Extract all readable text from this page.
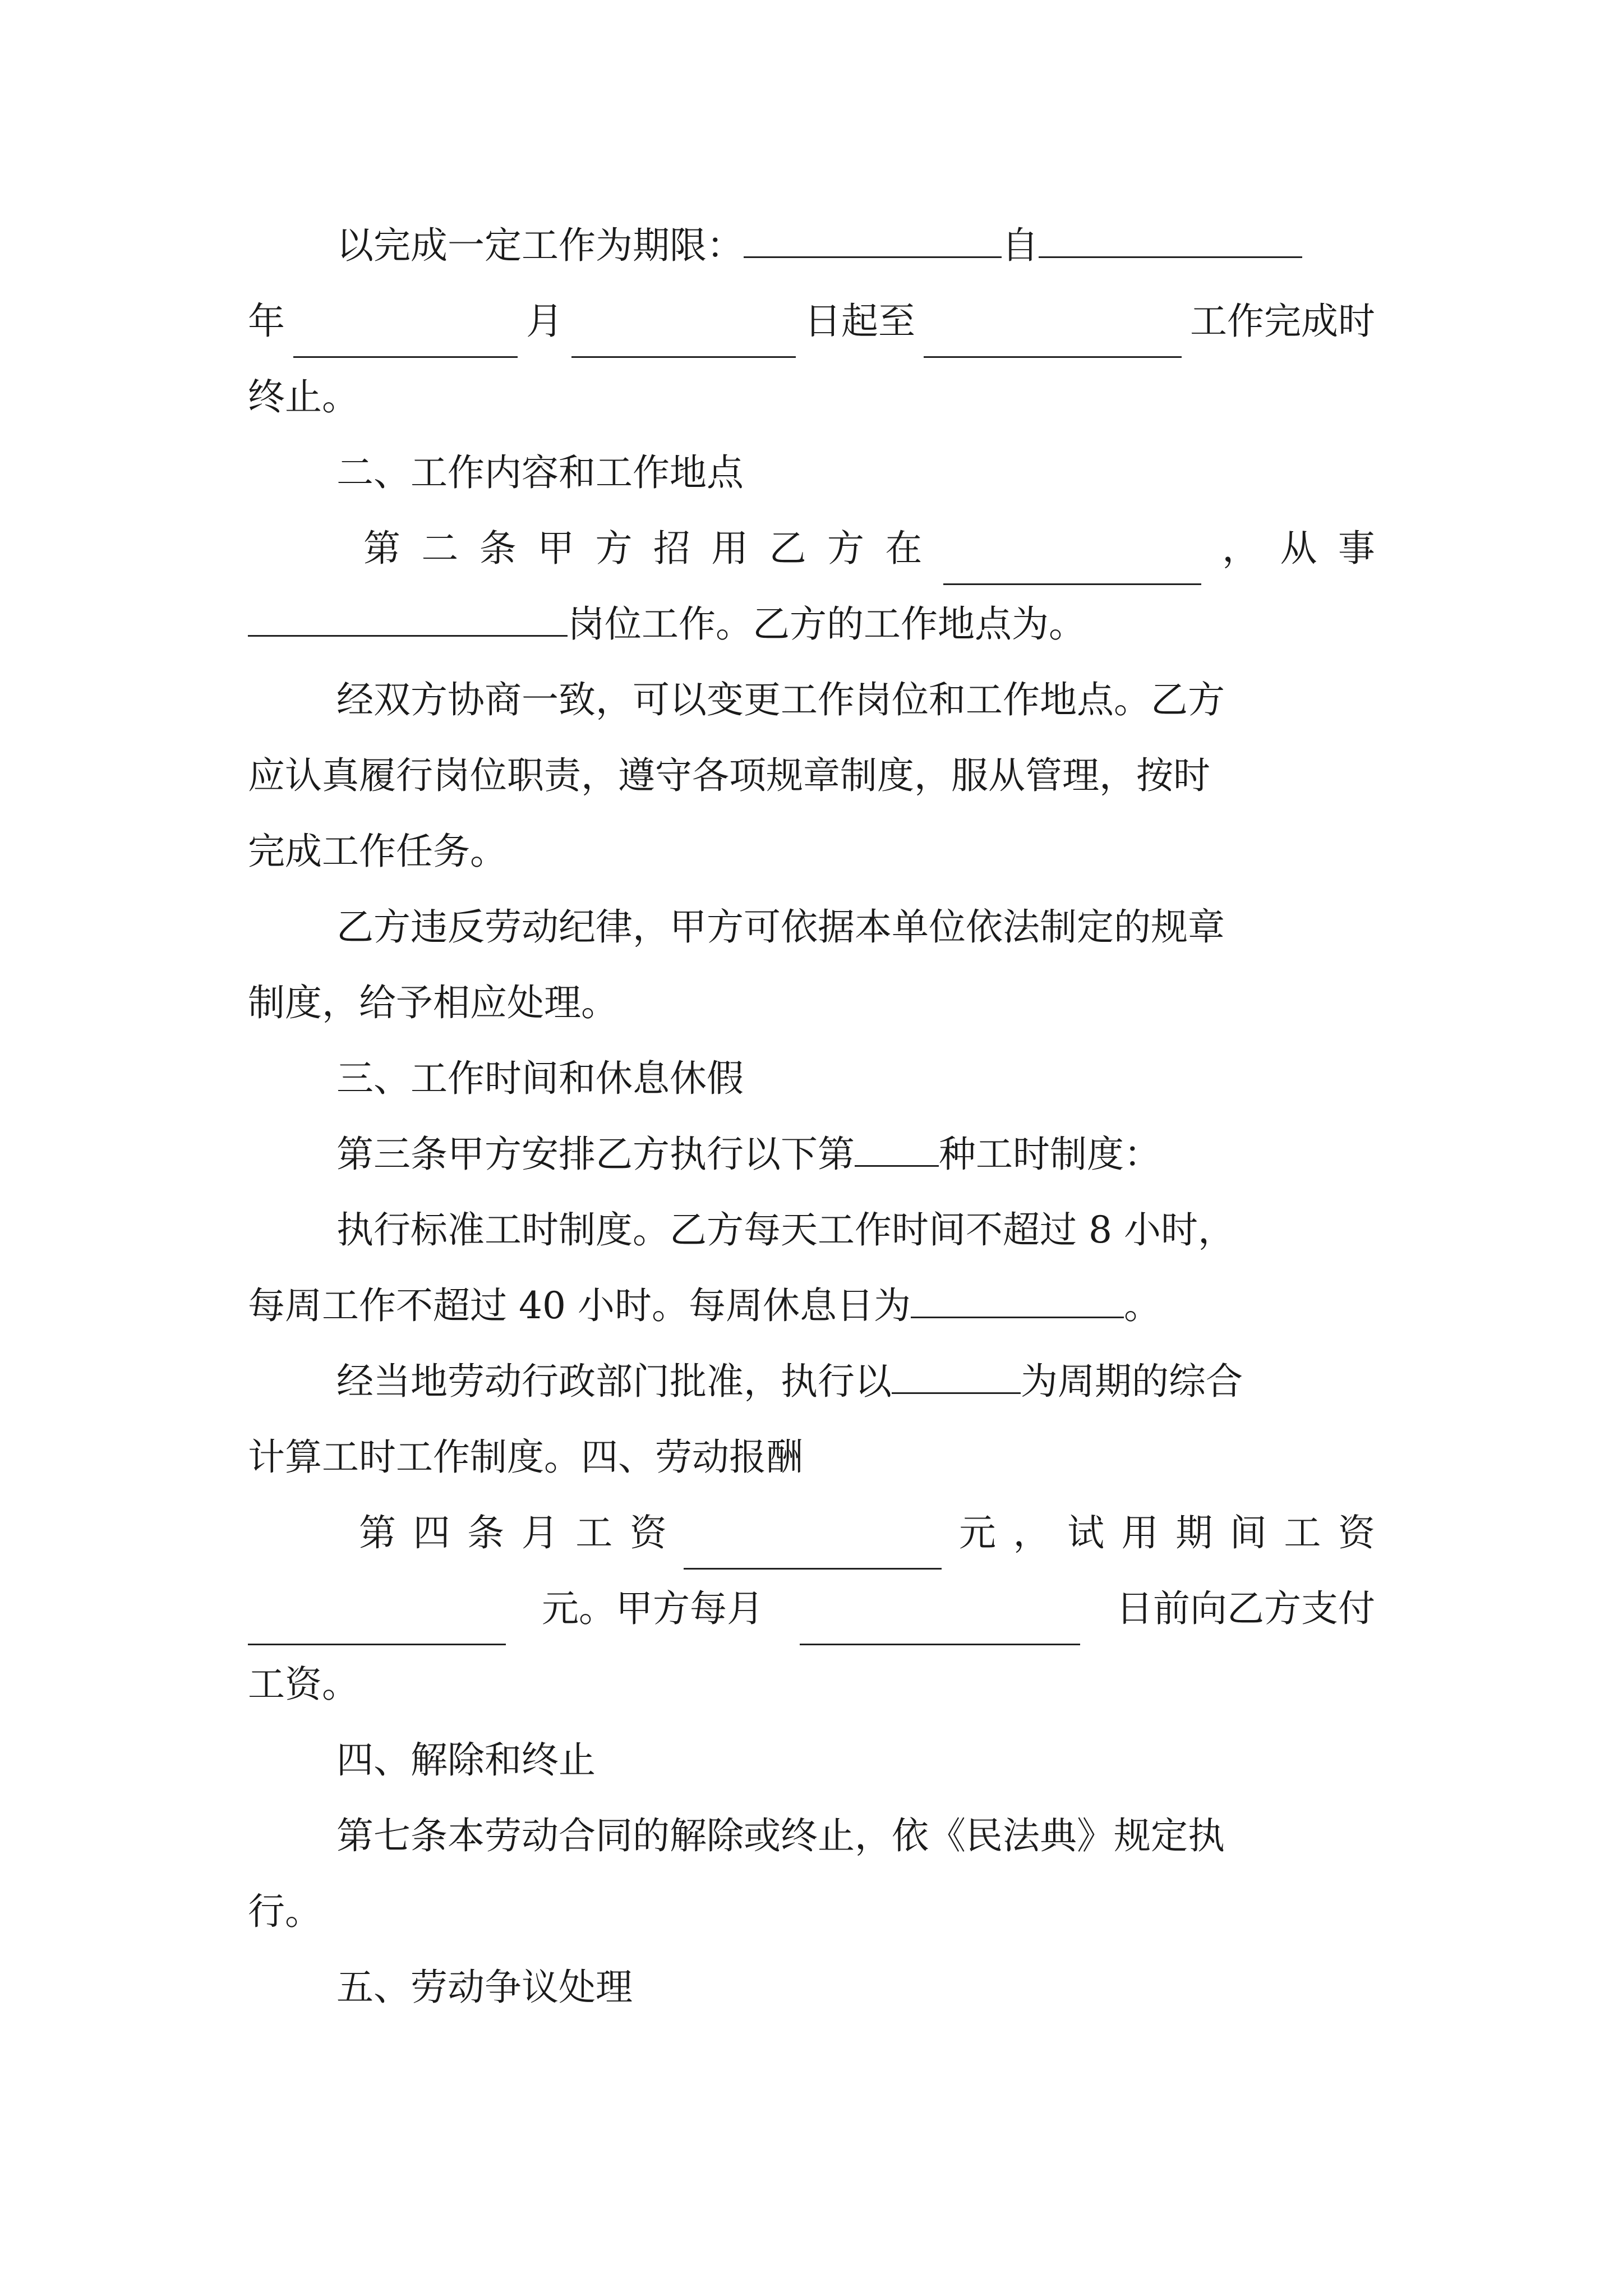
以完成一定工作为期限：	自
年	月	日起至	工作完成时
终止。
二、工作内容和工作地点
第 二 条 甲 方 招 用 乙 方 在	， 从 事
岗位工作。乙方的工作地点为。
经双方协商一致，可以变更工作岗位和工作地点。乙方
应认真履行岗位职责，遵守各项规章制度，服从管理，按时
完成工作任务。
乙方违反劳动纪律，甲方可依据本单位依法制定的规章
制度，给予相应处理。
三、工作时间和休息休假
第三条甲方安排乙方执行以下第 种工时制度：
执行标准工时制度。乙方每天工作时间不超过 8 小时，
每周工作不超过 40 小时。每周休息日为	。
经当地劳动行政部门批准，执行以	为周期的综合
计算工时工作制度。四、劳动报酬
第 四 条 月 工 资	元 ， 试 用 期 间 工 资
元。甲方每月	日前向乙方支付
工资。
四、解除和终止
第七条本劳动合同的解除或终止，依《民法典》规定执
行。
五、劳动争议处理
